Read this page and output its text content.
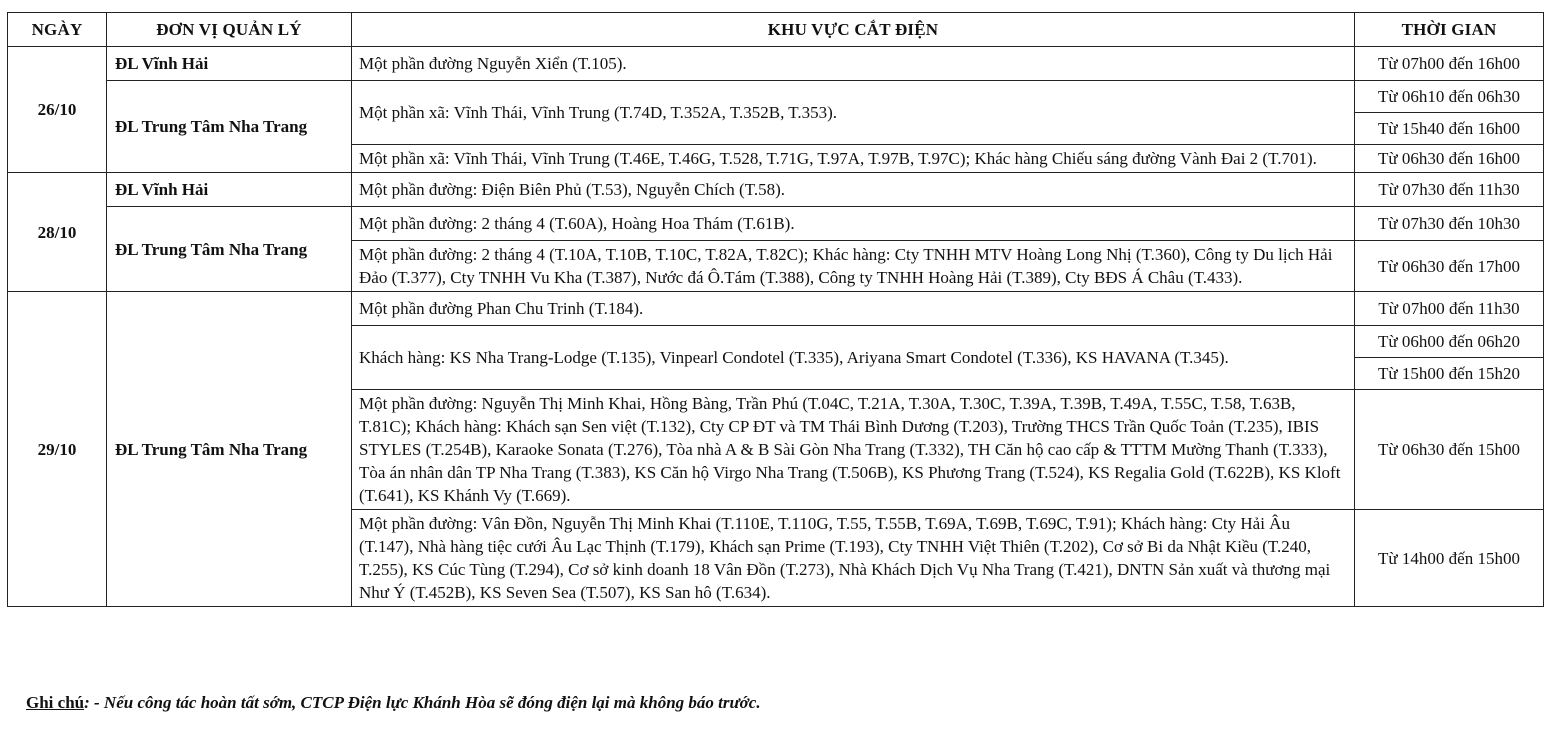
NGÀY	ĐƠN VỊ QUẢN LÝ	KHU VỰC CẮT ĐIỆN	THỜI GIAN
26/10	ĐL Vĩnh Hải	Một phần đường Nguyễn Xiển (T.105).	Từ 07h00 đến 16h00
	ĐL Trung Tâm Nha Trang	Một phần xã: Vĩnh Thái, Vĩnh Trung (T.74D, T.352A, T.352B, T.353).	Từ 06h10 đến 06h30
			Từ 15h40 đến 16h00
		Một phần xã: Vĩnh Thái, Vĩnh Trung (T.46E, T.46G, T.528, T.71G, T.97A, T.97B, T.97C); Khác hàng Chiếu sáng đường Vành Đai 2 (T.701).	Từ 06h30 đến 16h00
28/10	ĐL Vĩnh Hải	Một phần đường: Điện Biên Phủ (T.53), Nguyễn Chích (T.58).	Từ 07h30 đến 11h30
	ĐL Trung Tâm Nha Trang	Một phần đường: 2 tháng 4 (T.60A), Hoàng Hoa Thám (T.61B).	Từ 07h30 đến 10h30
		Một phần đường: 2 tháng 4 (T.10A, T.10B, T.10C, T.82A, T.82C); Khác hàng: Cty TNHH MTV Hoàng Long Nhị (T.360), Công ty Du lịch Hải Đảo (T.377), Cty TNHH Vu Kha (T.387), Nước đá Ô.Tám (T.388), Công ty TNHH Hoàng Hải (T.389), Cty BĐS Á Châu (T.433).	Từ 06h30 đến 17h00
29/10	ĐL Trung Tâm Nha Trang	Một phần đường Phan Chu Trinh (T.184).	Từ 07h00 đến 11h30
		Khách hàng: KS Nha Trang-Lodge (T.135), Vinpearl Condotel (T.335), Ariyana Smart Condotel (T.336), KS HAVANA (T.345).	Từ 06h00 đến 06h20
			Từ 15h00 đến 15h20
		Một phần đường: Nguyễn Thị Minh Khai, Hồng Bàng, Trần Phú (T.04C, T.21A, T.30A, T.30C, T.39A, T.39B, T.49A, T.55C, T.58, T.63B, T.81C); Khách hàng: Khách sạn Sen việt (T.132), Cty CP ĐT và TM Thái Bình Dương (T.203), Trường THCS Trần Quốc Toản (T.235), IBIS STYLES (T.254B), Karaoke Sonata (T.276), Tòa nhà A & B Sài Gòn Nha Trang (T.332), TH Căn hộ cao cấp & TTTM Mường Thanh (T.333), Tòa án nhân dân TP Nha Trang (T.383), KS Căn hộ Virgo Nha Trang (T.506B), KS Phương Trang (T.524), KS Regalia Gold (T.622B), KS Kloft (T.641), KS Khánh Vy (T.669).	Từ 06h30 đến 15h00
		Một phần đường: Vân Đồn, Nguyễn Thị Minh Khai (T.110E, T.110G, T.55, T.55B, T.69A, T.69B, T.69C, T.91); Khách hàng: Cty Hải Âu (T.147), Nhà hàng tiệc cưới Âu Lạc Thịnh (T.179), Khách sạn Prime (T.193), Cty TNHH Việt Thiên (T.202), Cơ sở Bi da Nhật Kiều (T.240, T.255), KS Cúc Tùng (T.294), Cơ sở kinh doanh 18 Vân Đồn (T.273), Nhà Khách Dịch Vụ Nha Trang (T.421), DNTN Sản xuất và thương mại Như Ý (T.452B), KS Seven Sea (T.507), KS San hô (T.634).	Từ 14h00 đến 15h00
Ghi chú: - Nếu công tác hoàn tất sớm, CTCP Điện lực Khánh Hòa sẽ đóng điện lại mà không báo trước.
